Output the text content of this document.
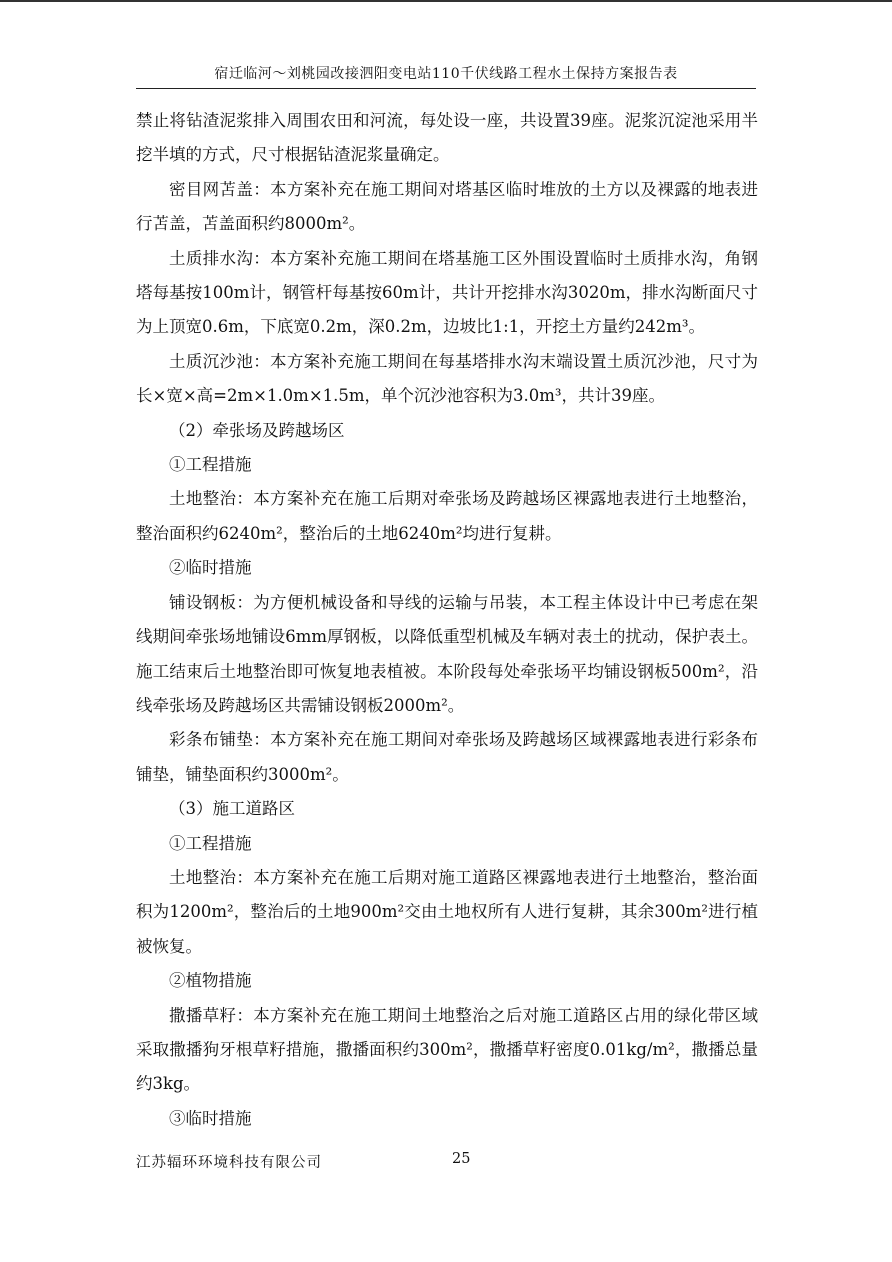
宿迁临河～刘桃园改接泗阳变电站110千伏线路工程水土保持方案报告表

禁止将钻渣泥浆排入周围农田和河流，每处设一座，共设置39座。泥浆沉淀池采用半挖半填的方式，尺寸根据钻渣泥浆量确定。

密目网苫盖：本方案补充在施工期间对塔基区临时堆放的土方以及裸露的地表进行苫盖，苫盖面积约8000m²。

土质排水沟：本方案补充施工期间在塔基施工区外围设置临时土质排水沟，角钢塔每基按100m计，钢管杆每基按60m计，共计开挖排水沟3020m，排水沟断面尺寸为上顶宽0.6m，下底宽0.2m，深0.2m，边坡比1:1，开挖土方量约242m³。

土质沉沙池：本方案补充施工期间在每基塔排水沟末端设置土质沉沙池，尺寸为长×宽×高=2m×1.0m×1.5m，单个沉沙池容积为3.0m³，共计39座。

（2）牵张场及跨越场区

①工程措施

土地整治：本方案补充在施工后期对牵张场及跨越场区裸露地表进行土地整治，整治面积约6240m²，整治后的土地6240m²均进行复耕。

②临时措施

铺设钢板：为方便机械设备和导线的运输与吊装，本工程主体设计中已考虑在架线期间牵张场地铺设6mm厚钢板，以降低重型机械及车辆对表土的扰动，保护表土。施工结束后土地整治即可恢复地表植被。本阶段每处牵张场平均铺设钢板500m²，沿线牵张场及跨越场区共需铺设钢板2000m²。

彩条布铺垫：本方案补充在施工期间对牵张场及跨越场区域裸露地表进行彩条布铺垫，铺垫面积约3000m²。

（3）施工道路区

①工程措施

土地整治：本方案补充在施工后期对施工道路区裸露地表进行土地整治，整治面积为1200m²，整治后的土地900m²交由土地权所有人进行复耕，其余300m²进行植被恢复。

②植物措施

撒播草籽：本方案补充在施工期间土地整治之后对施工道路区占用的绿化带区域采取撒播狗牙根草籽措施，撒播面积约300m²，撒播草籽密度0.01kg/m²，撒播总量约3kg。

③临时措施

江苏辐环环境科技有限公司	25
